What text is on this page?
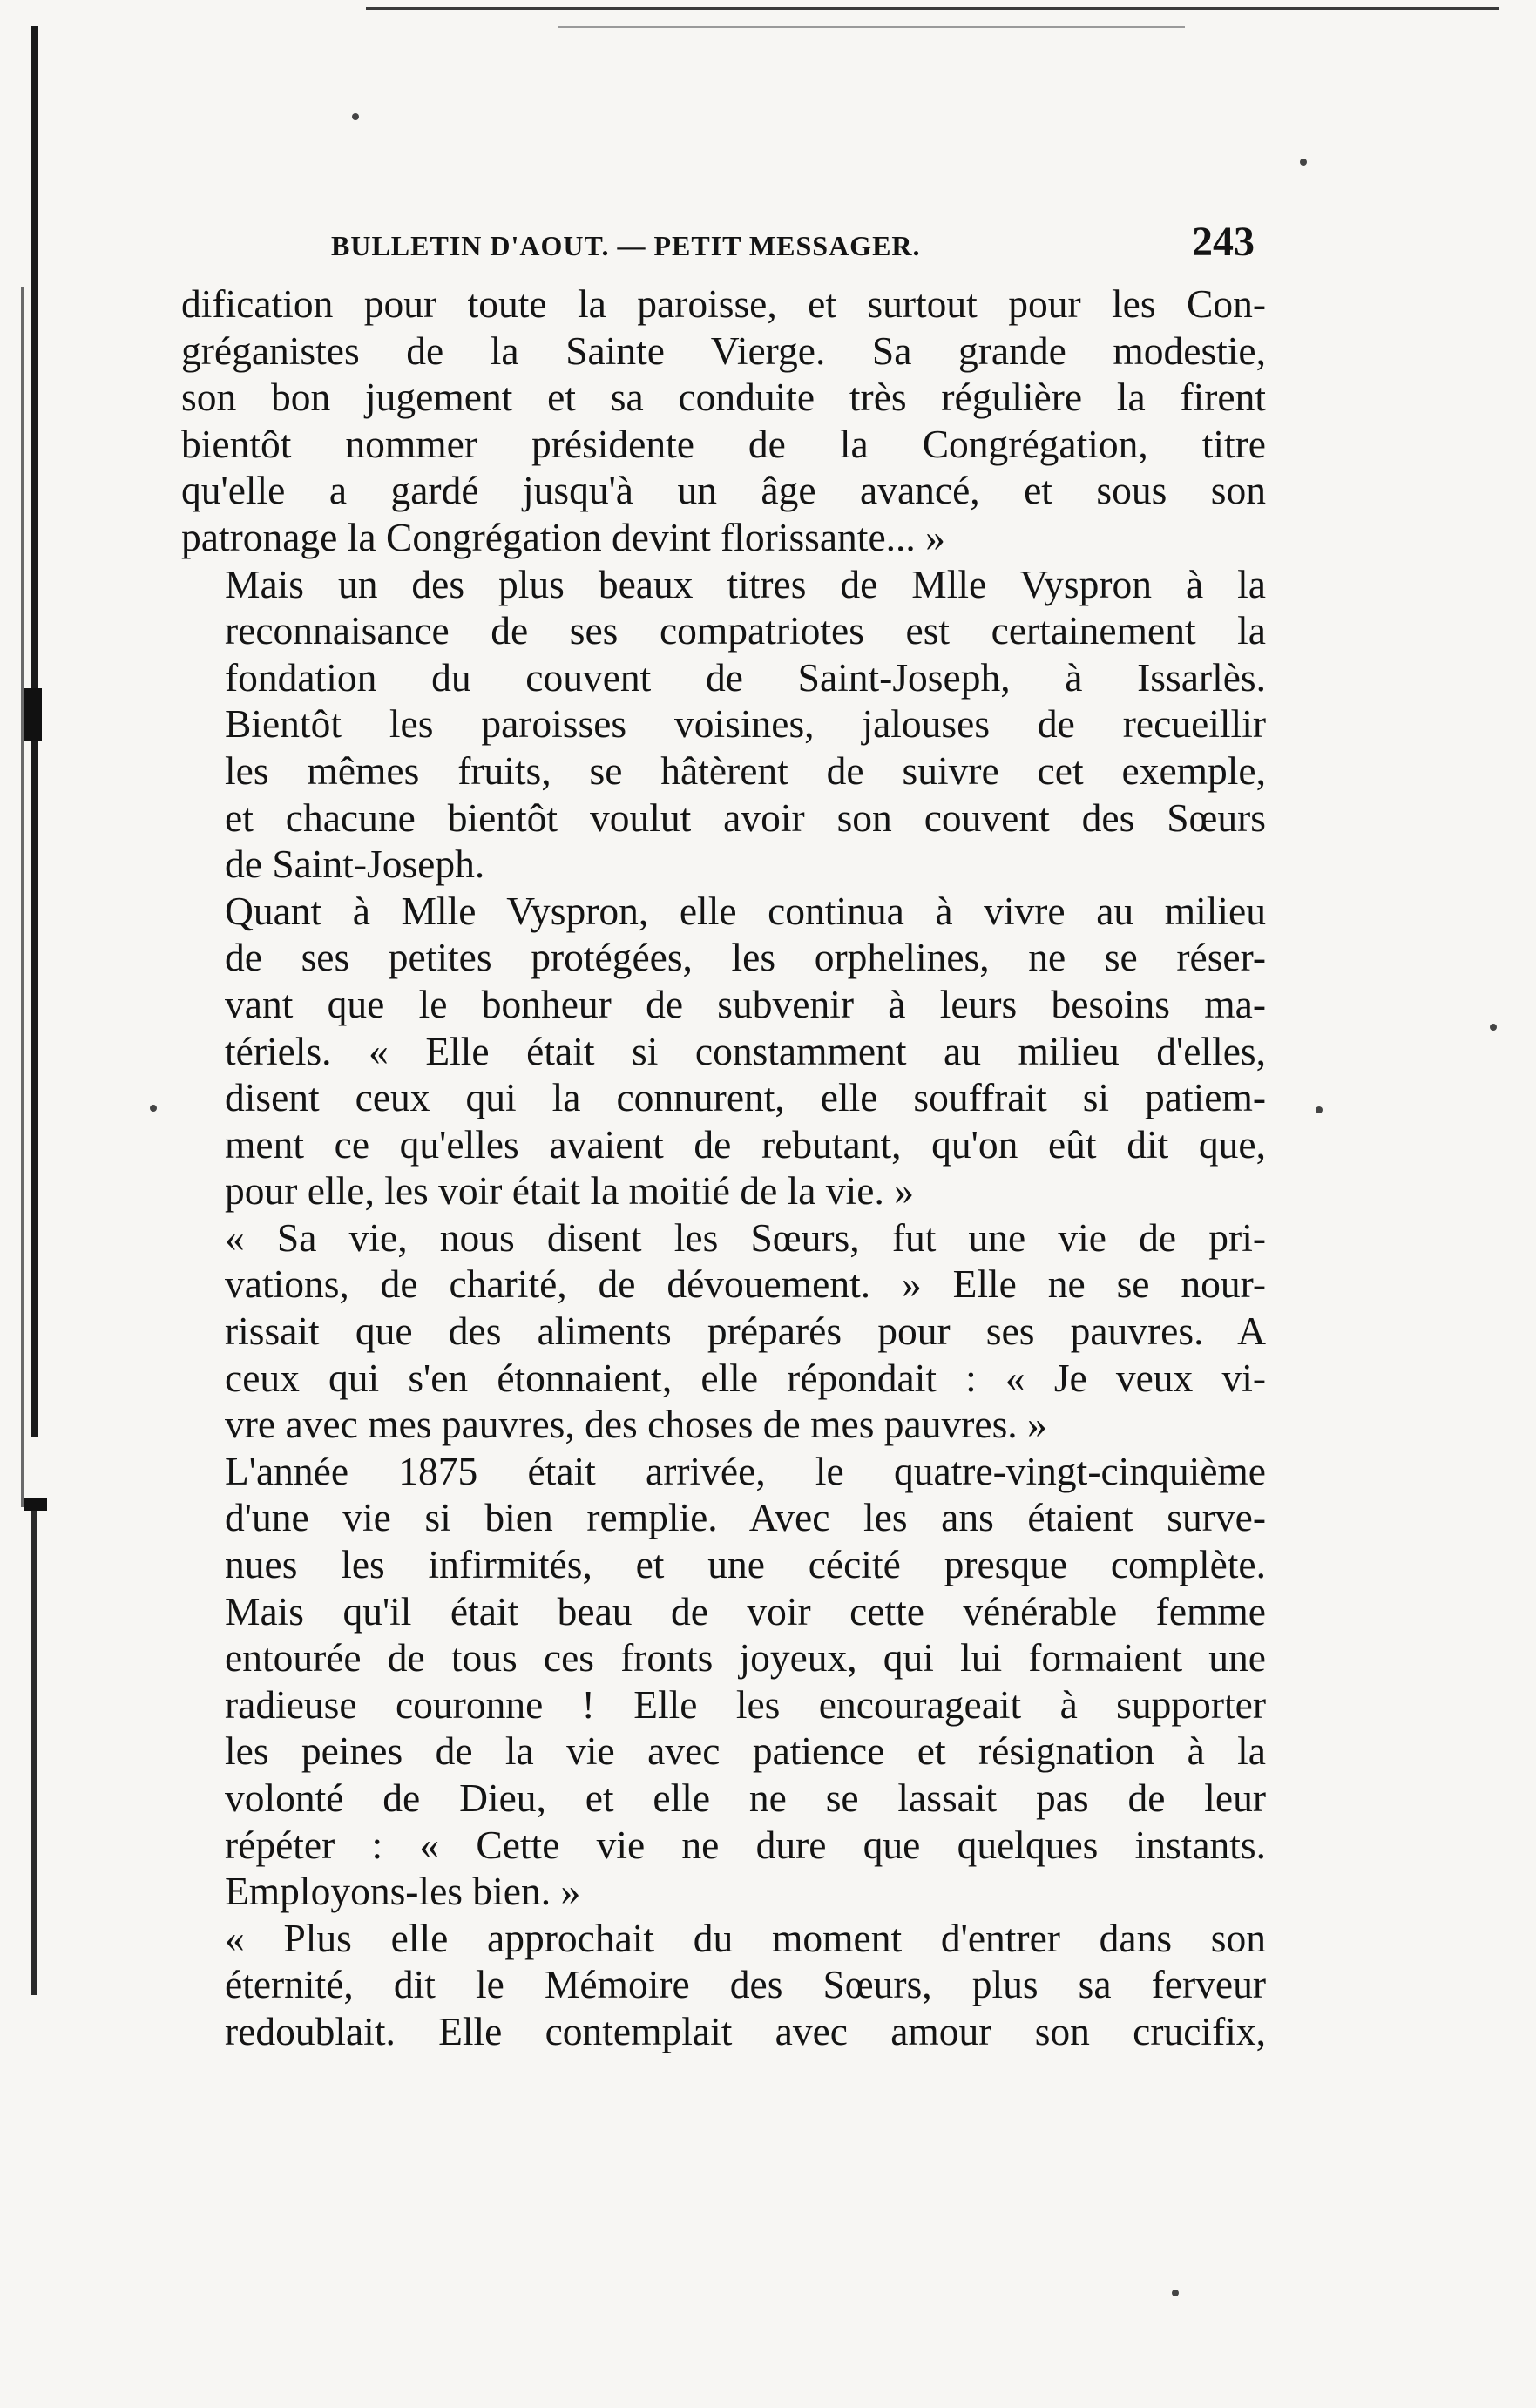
BULLETIN D'AOUT. — PETIT MESSAGER.	243

dification pour toute la paroisse, et surtout pour les Con-
gréganistes de la Sainte Vierge. Sa grande modestie,
son bon jugement et sa conduite très régulière la firent
bientôt nommer présidente de la Congrégation, titre
qu'elle a gardé jusqu'à un âge avancé, et sous son
patronage la Congrégation devint florissante... »

Mais un des plus beaux titres de Mlle Vyspron à la
reconnaisance de ses compatriotes est certainement la
fondation du couvent de Saint-Joseph, à Issarlès.
Bientôt les paroisses voisines, jalouses de recueillir
les mêmes fruits, se hâtèrent de suivre cet exemple,
et chacune bientôt voulut avoir son couvent des Sœurs
de Saint-Joseph.

Quant à Mlle Vyspron, elle continua à vivre au milieu
de ses petites protégées, les orphelines, ne se réser-
vant que le bonheur de subvenir à leurs besoins ma-
tériels. « Elle était si constamment au milieu d'elles,
disent ceux qui la connurent, elle souffrait si patiem-
ment ce qu'elles avaient de rebutant, qu'on eût dit que,
pour elle, les voir était la moitié de la vie. »

« Sa vie, nous disent les Sœurs, fut une vie de pri-
vations, de charité, de dévouement. » Elle ne se nour-
rissait que des aliments préparés pour ses pauvres. A
ceux qui s'en étonnaient, elle répondait : « Je veux vi-
vre avec mes pauvres, des choses de mes pauvres. »

L'année 1875 était arrivée, le quatre-vingt-cinquième
d'une vie si bien remplie. Avec les ans étaient surve-
nues les infirmités, et une cécité presque complète.
Mais qu'il était beau de voir cette vénérable femme
entourée de tous ces fronts joyeux, qui lui formaient une
radieuse couronne ! Elle les encourageait à supporter
les peines de la vie avec patience et résignation à la
volonté de Dieu, et elle ne se lassait pas de leur
répéter : « Cette vie ne dure que quelques instants.
Employons-les bien. »

« Plus elle approchait du moment d'entrer dans son
éternité, dit le Mémoire des Sœurs, plus sa ferveur
redoublait. Elle contemplait avec amour son crucifix,
